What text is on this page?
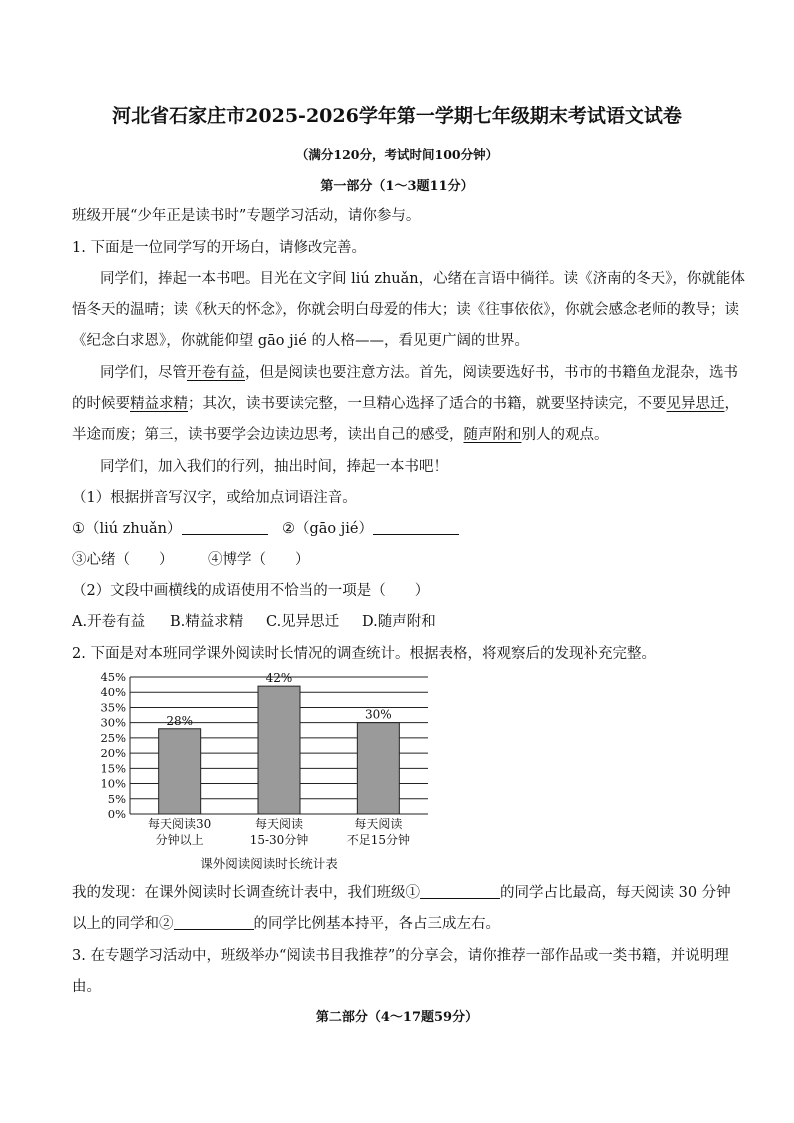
河北省石家庄市2025-2026学年第一学期七年级期末考试语文试卷
（满分120分，考试时间100分钟）
第一部分（1～3题11分）
班级开展“少年正是读书时”专题学习活动，请你参与。
1. 下面是一位同学写的开场白，请修改完善。
同学们，捧起一本书吧。目光在文字间 liú zhuǎn，心绪在言语中徜徉。读《济南的冬天》，你就能体
悟冬天的温晴；读《秋天的怀念》，你就会明白母爱的伟大；读《往事依依》，你就会感念老师的教导；读
《纪念白求恩》，你就能仰望 gāo jié 的人格——，看见更广阔的世界。
同学们，尽管开卷有益，但是阅读也要注意方法。首先，阅读要选好书，书市的书籍鱼龙混杂，选书
的时候要精益求精；其次，读书要读完整，一旦精心选择了适合的书籍，就要坚持读完，不要见异思迁，
半途而废；第三，读书要学会边读边思考，读出自己的感受，随声附和别人的观点。
同学们，加入我们的行列，抽出时间，捧起一本书吧！
（1）根据拼音写汉字，或给加点词语注音。
①（liú zhuǎn）	②（gāo jié）
③心绪（　　） ④博学（　　）
（2）文段中画横线的成语使用不恰当的一项是（　　）
A.开卷有益 B.精益求精 C.见异思迁 D.随声附和
2. 下面是对本班同学课外阅读时长情况的调查统计。根据表格，将观察后的发现补充完整。
45%
40%
35%
30%
25%
20%
15%
10%
5%
0%
28%
每天阅读30
分钟以上
42%
每天阅读
15-30分钟
30%
每天阅读
不足15分钟
课外阅读阅读时长统计表
我的发现：在课外阅读时长调查统计表中，我们班级①	的同学占比最高，每天阅读 30 分钟
以上的同学和②	的同学比例基本持平，各占三成左右。
3. 在专题学习活动中，班级举办“阅读书目我推荐”的分享会，请你推荐一部作品或一类书籍，并说明理
由。
第二部分（4～17题59分）
